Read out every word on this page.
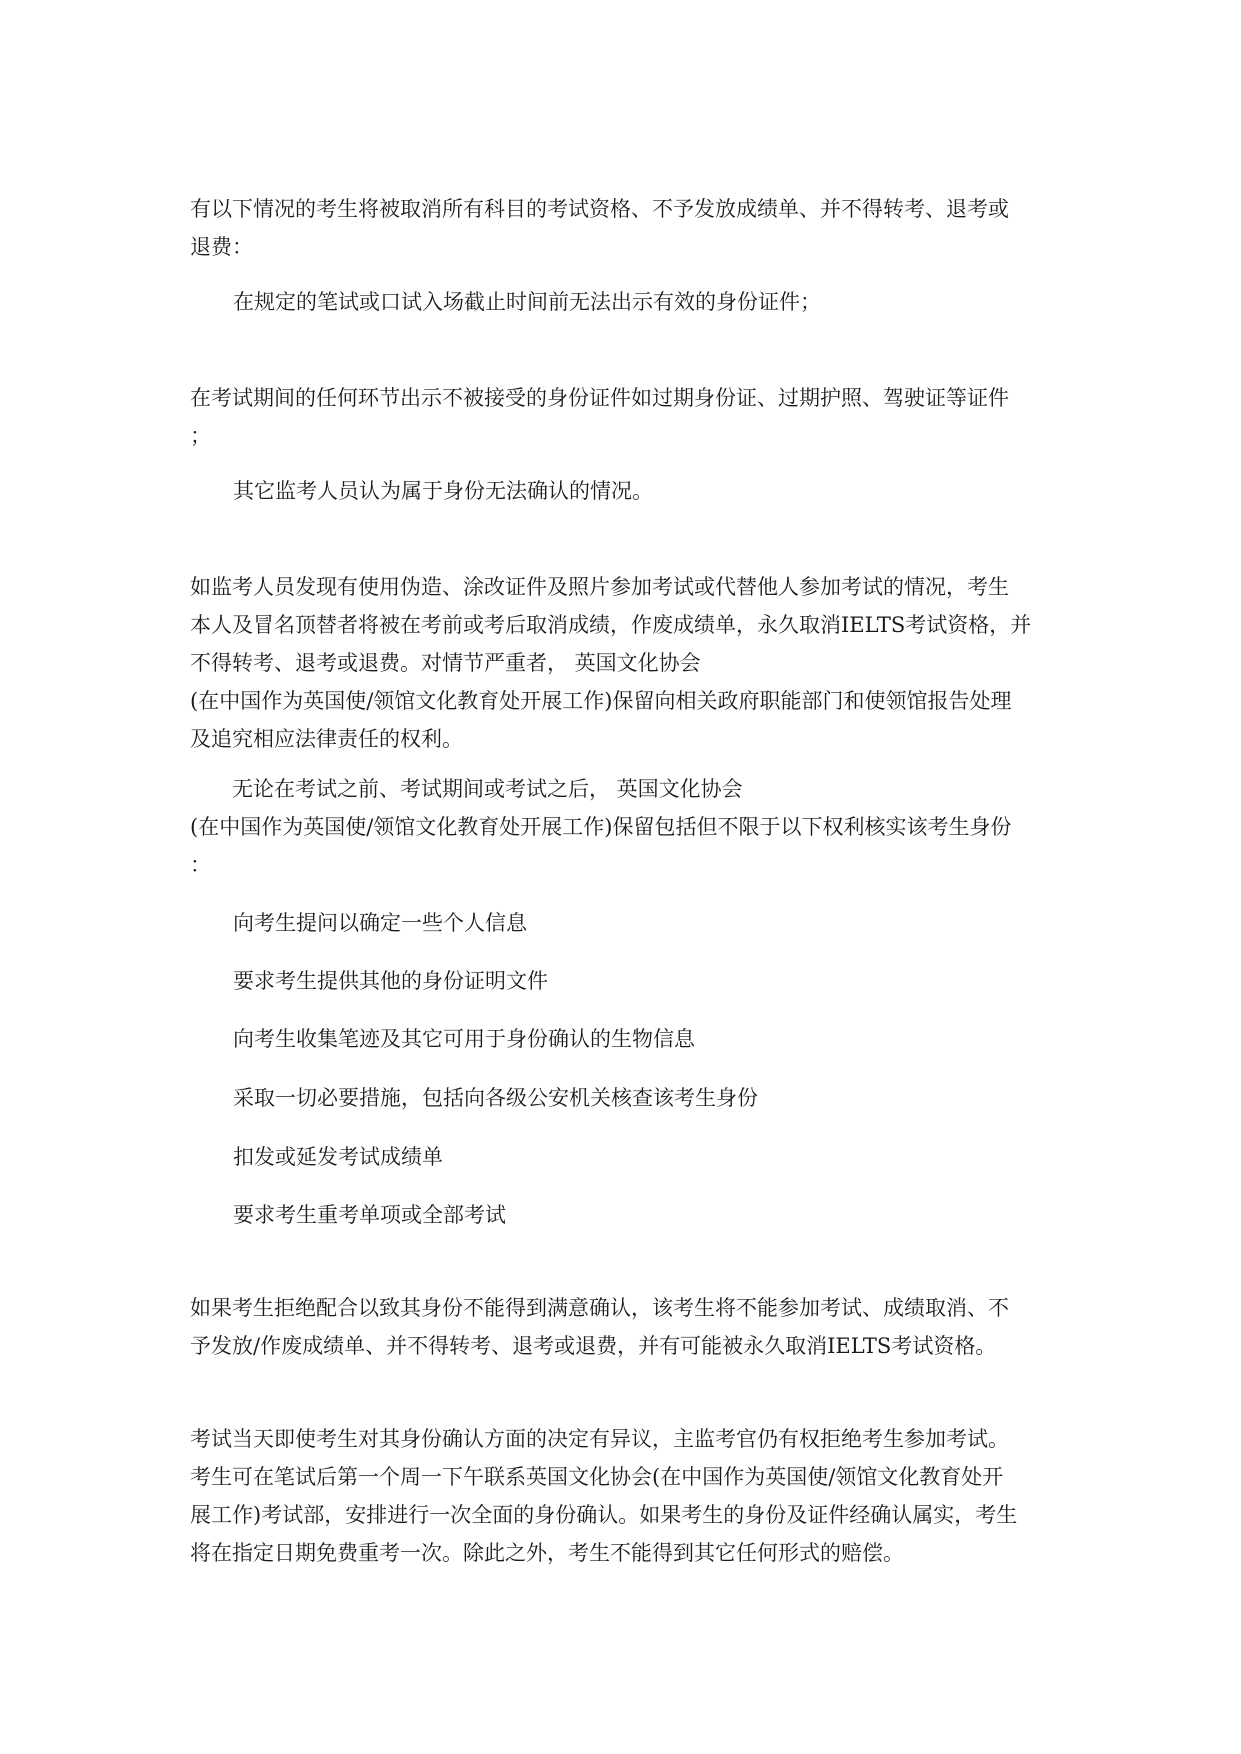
有以下情况的考生将被取消所有科目的考试资格、不予发放成绩单、并不得转考、退考或
退费：

在规定的笔试或口试入场截止时间前无法出示有效的身份证件；

在考试期间的任何环节出示不被接受的身份证件如过期身份证、过期护照、驾驶证等证件
；

其它监考人员认为属于身份无法确认的情况。

如监考人员发现有使用伪造、涂改证件及照片参加考试或代替他人参加考试的情况，考生
本人及冒名顶替者将被在考前或考后取消成绩，作废成绩单，永久取消IELTS考试资格，并
不得转考、退考或退费。对情节严重者， 英国文化协会
(在中国作为英国使/领馆文化教育处开展工作)保留向相关政府职能部门和使领馆报告处理
及追究相应法律责任的权利。

　　无论在考试之前、考试期间或考试之后， 英国文化协会
(在中国作为英国使/领馆文化教育处开展工作)保留包括但不限于以下权利核实该考生身份
：

向考生提问以确定一些个人信息

要求考生提供其他的身份证明文件

向考生收集笔迹及其它可用于身份确认的生物信息

采取一切必要措施，包括向各级公安机关核查该考生身份

扣发或延发考试成绩单

要求考生重考单项或全部考试

如果考生拒绝配合以致其身份不能得到满意确认，该考生将不能参加考试、成绩取消、不
予发放/作废成绩单、并不得转考、退考或退费，并有可能被永久取消IELTS考试资格。

考试当天即使考生对其身份确认方面的决定有异议，主监考官仍有权拒绝考生参加考试。
考生可在笔试后第一个周一下午联系英国文化协会(在中国作为英国使/领馆文化教育处开
展工作)考试部，安排进行一次全面的身份确认。如果考生的身份及证件经确认属实，考生
将在指定日期免费重考一次。除此之外，考生不能得到其它任何形式的赔偿。
